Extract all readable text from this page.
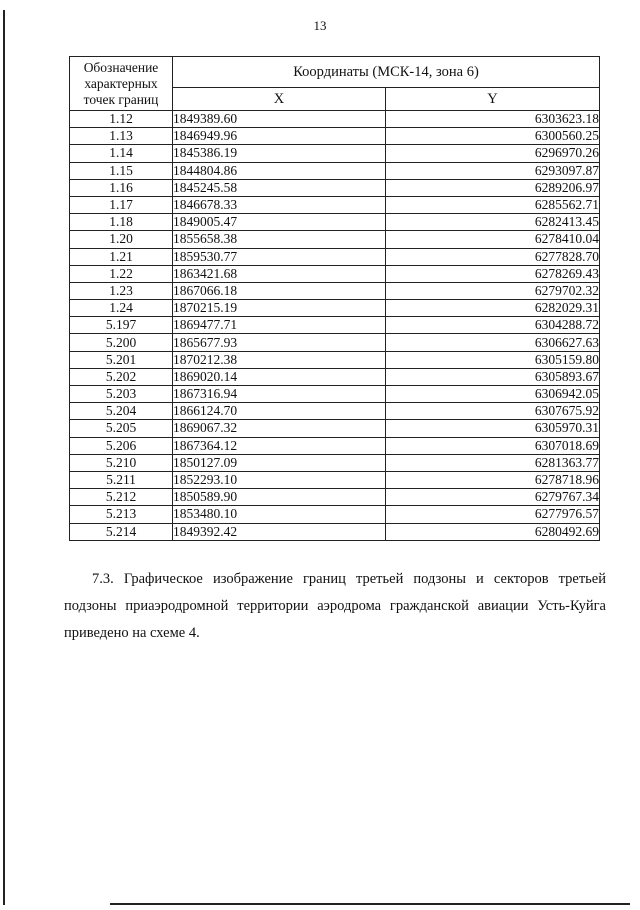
13
Обозначение характерных точек границ	Координаты (МСК-14, зона 6)	
	X	Y
1.12	1849389.60	6303623.18
1.13	1846949.96	6300560.25
1.14	1845386.19	6296970.26
1.15	1844804.86	6293097.87
1.16	1845245.58	6289206.97
1.17	1846678.33	6285562.71
1.18	1849005.47	6282413.45
1.20	1855658.38	6278410.04
1.21	1859530.77	6277828.70
1.22	1863421.68	6278269.43
1.23	1867066.18	6279702.32
1.24	1870215.19	6282029.31
5.197	1869477.71	6304288.72
5.200	1865677.93	6306627.63
5.201	1870212.38	6305159.80
5.202	1869020.14	6305893.67
5.203	1867316.94	6306942.05
5.204	1866124.70	6307675.92
5.205	1869067.32	6305970.31
5.206	1867364.12	6307018.69
5.210	1850127.09	6281363.77
5.211	1852293.10	6278718.96
5.212	1850589.90	6279767.34
5.213	1853480.10	6277976.57
5.214	1849392.42	6280492.69
7.3. Графическое изображение границ третьей подзоны и секторов третьей
подзоны приаэродромной территории аэродрома гражданской авиации Усть-Куйга приведено на схеме 4.
